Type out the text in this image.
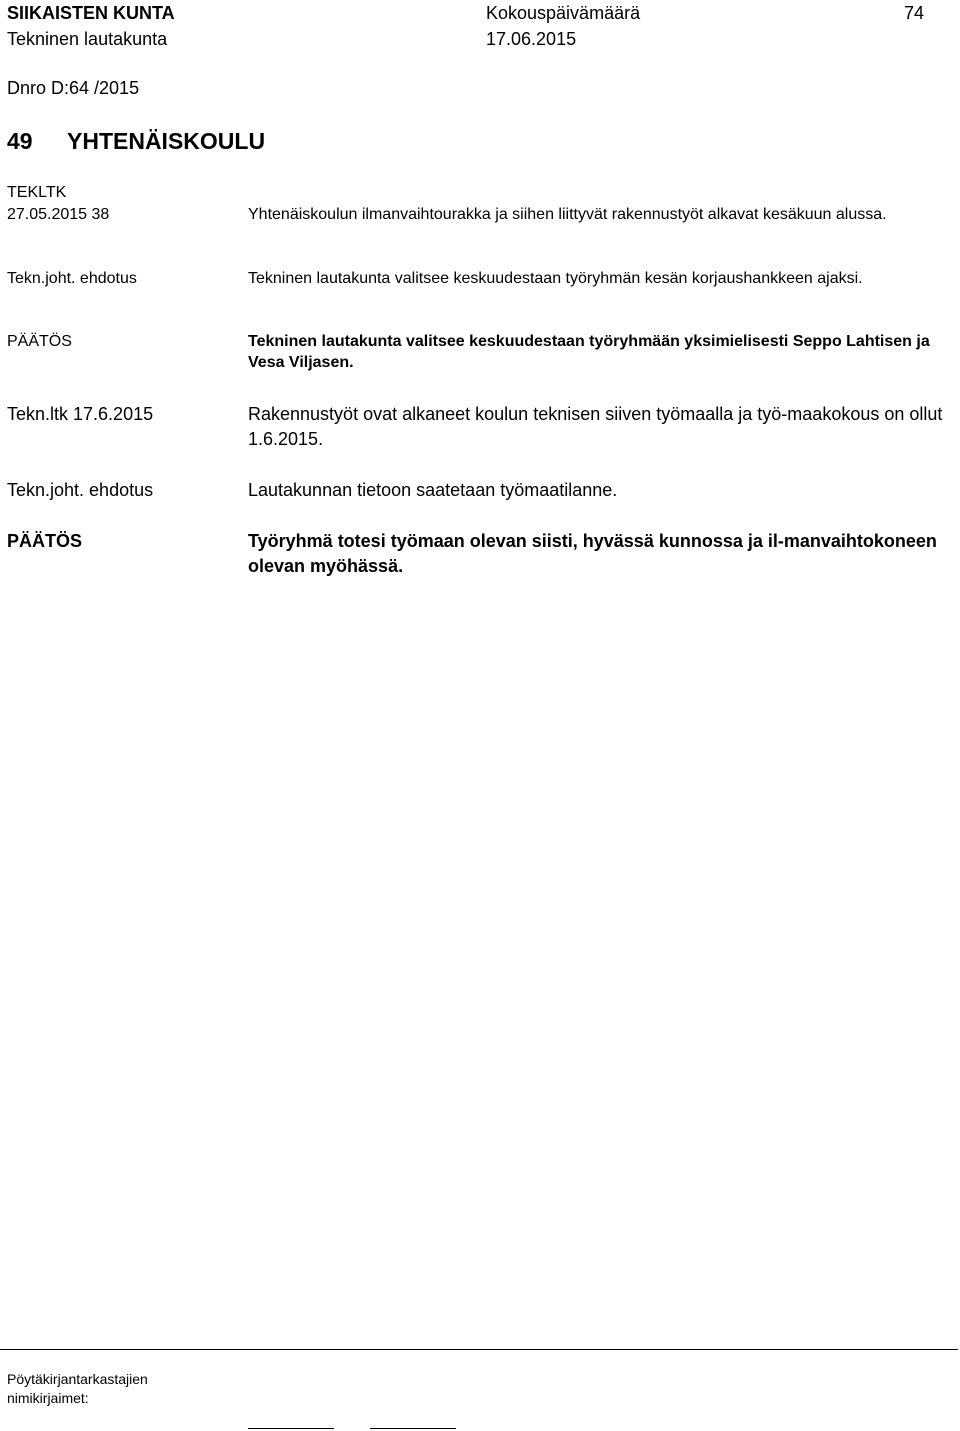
SIIKAISTEN KUNTA
Tekninen lautakunta
Kokouspäivämäärä
17.06.2015
74
Dnro D:64 /2015
49 YHTENÄISKOULU
TEKLTK
27.05.2015 38	Yhtenäiskoulun ilmanvaihtourakka ja siihen liittyvät rakennustyöt alkavat kesäkuun alussa.
Tekn.joht. ehdotus	Tekninen lautakunta valitsee keskuudestaan työryhmän kesän korjaushankkeen ajaksi.
PÄÄTÖS	Tekninen lautakunta valitsee keskuudestaan työryhmään yksimielisesti Seppo Lahtisen ja Vesa Viljasen.
Tekn.ltk 17.6.2015	Rakennustyöt ovat alkaneet koulun teknisen siiven työmaalla ja työ-maakokous on ollut 1.6.2015.
Tekn.joht. ehdotus	Lautakunnan tietoon saatetaan työmaatilanne.
PÄÄTÖS	Työryhmä totesi työmaan olevan siisti, hyvässä kunnossa ja il-manvaihtokoneen olevan myöhässä.
Pöytäkirjantarkastajien nimikirjaimet:
